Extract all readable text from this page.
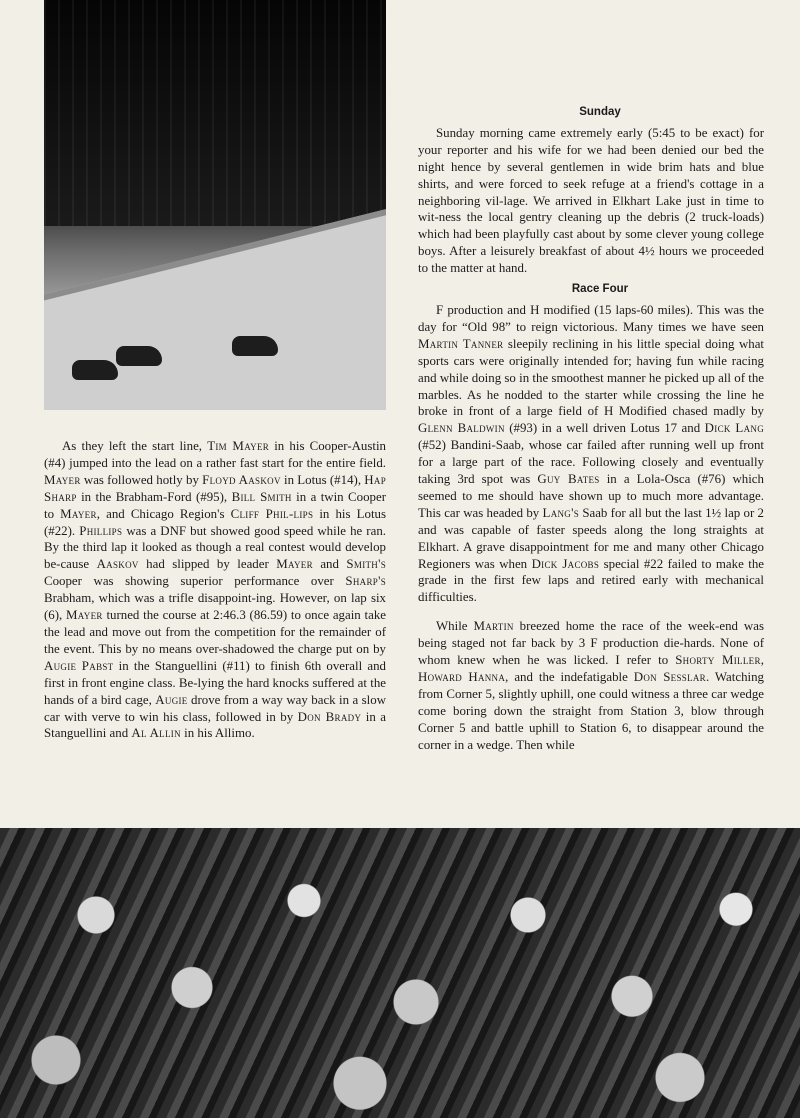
As they left the start line, Tim Mayer in his Cooper-Austin (#4) jumped into the lead on a rather fast start for the entire field. Mayer was followed hotly by Floyd Aaskov in Lotus (#14), Hap Sharp in the Brabham-Ford (#95), Bill Smith in a twin Cooper to Mayer, and Chicago Region's Cliff Phil-lips in his Lotus (#22). Phillips was a DNF but showed good speed while he ran. By the third lap it looked as though a real contest would develop be-cause Aaskov had slipped by leader Mayer and Smith's Cooper was showing superior performance over Sharp's Brabham, which was a trifle disappoint-ing. However, on lap six (6), Mayer turned the course at 2:46.3 (86.59) to once again take the lead and move out from the competition for the remainder of the event. This by no means over-shadowed the charge put on by Augie Pabst in the Stanguellini (#11) to finish 6th overall and first in front engine class. Be-lying the hard knocks suffered at the hands of a bird cage, Augie drove from a way way back in a slow car with verve to win his class, followed in by Don Brady in a Stanguellini and Al Allin in his Allimo.

Sunday

Sunday morning came extremely early (5:45 to be exact) for your reporter and his wife for we had been denied our bed the night hence by several gentlemen in wide brim hats and blue shirts, and were forced to seek refuge at a friend's cottage in a neighboring vil-lage. We arrived in Elkhart Lake just in time to wit-ness the local gentry cleaning up the debris (2 truck-loads) which had been playfully cast about by some clever young college boys. After a leisurely breakfast of about 4½ hours we proceeded to the matter at hand.

Race Four

F production and H modified (15 laps-60 miles). This was the day for “Old 98” to reign victorious. Many times we have seen Martin Tanner sleepily reclining in his little special doing what sports cars were originally intended for; having fun while racing and while doing so in the smoothest manner he picked up all of the marbles. As he nodded to the starter while crossing the line he broke in front of a large field of H Modified chased madly by Glenn Baldwin (#93) in a well driven Lotus 17 and Dick Lang (#52) Bandini-Saab, whose car failed after running well up front for a large part of the race. Following closely and eventually taking 3rd spot was Guy Bates in a Lola-Osca (#76) which seemed to me should have shown up to much more advantage. This car was headed by Lang's Saab for all but the last 1½ lap or 2 and was capable of faster speeds along the long straights at Elkhart. A grave disappointment for me and many other Chicago Regioners was when Dick Jacobs special #22 failed to make the grade in the first few laps and retired early with mechanical difficulties.

While Martin breezed home the race of the week-end was being staged not far back by 3 F production die-hards. None of whom knew when he was licked. I refer to Shorty Miller, Howard Hanna, and the indefatigable Don Sesslar. Watching from Corner 5, slightly uphill, one could witness a three car wedge come boring down the straight from Station 3, blow through Corner 5 and battle uphill to Station 6, to disappear around the corner in a wedge. Then while
